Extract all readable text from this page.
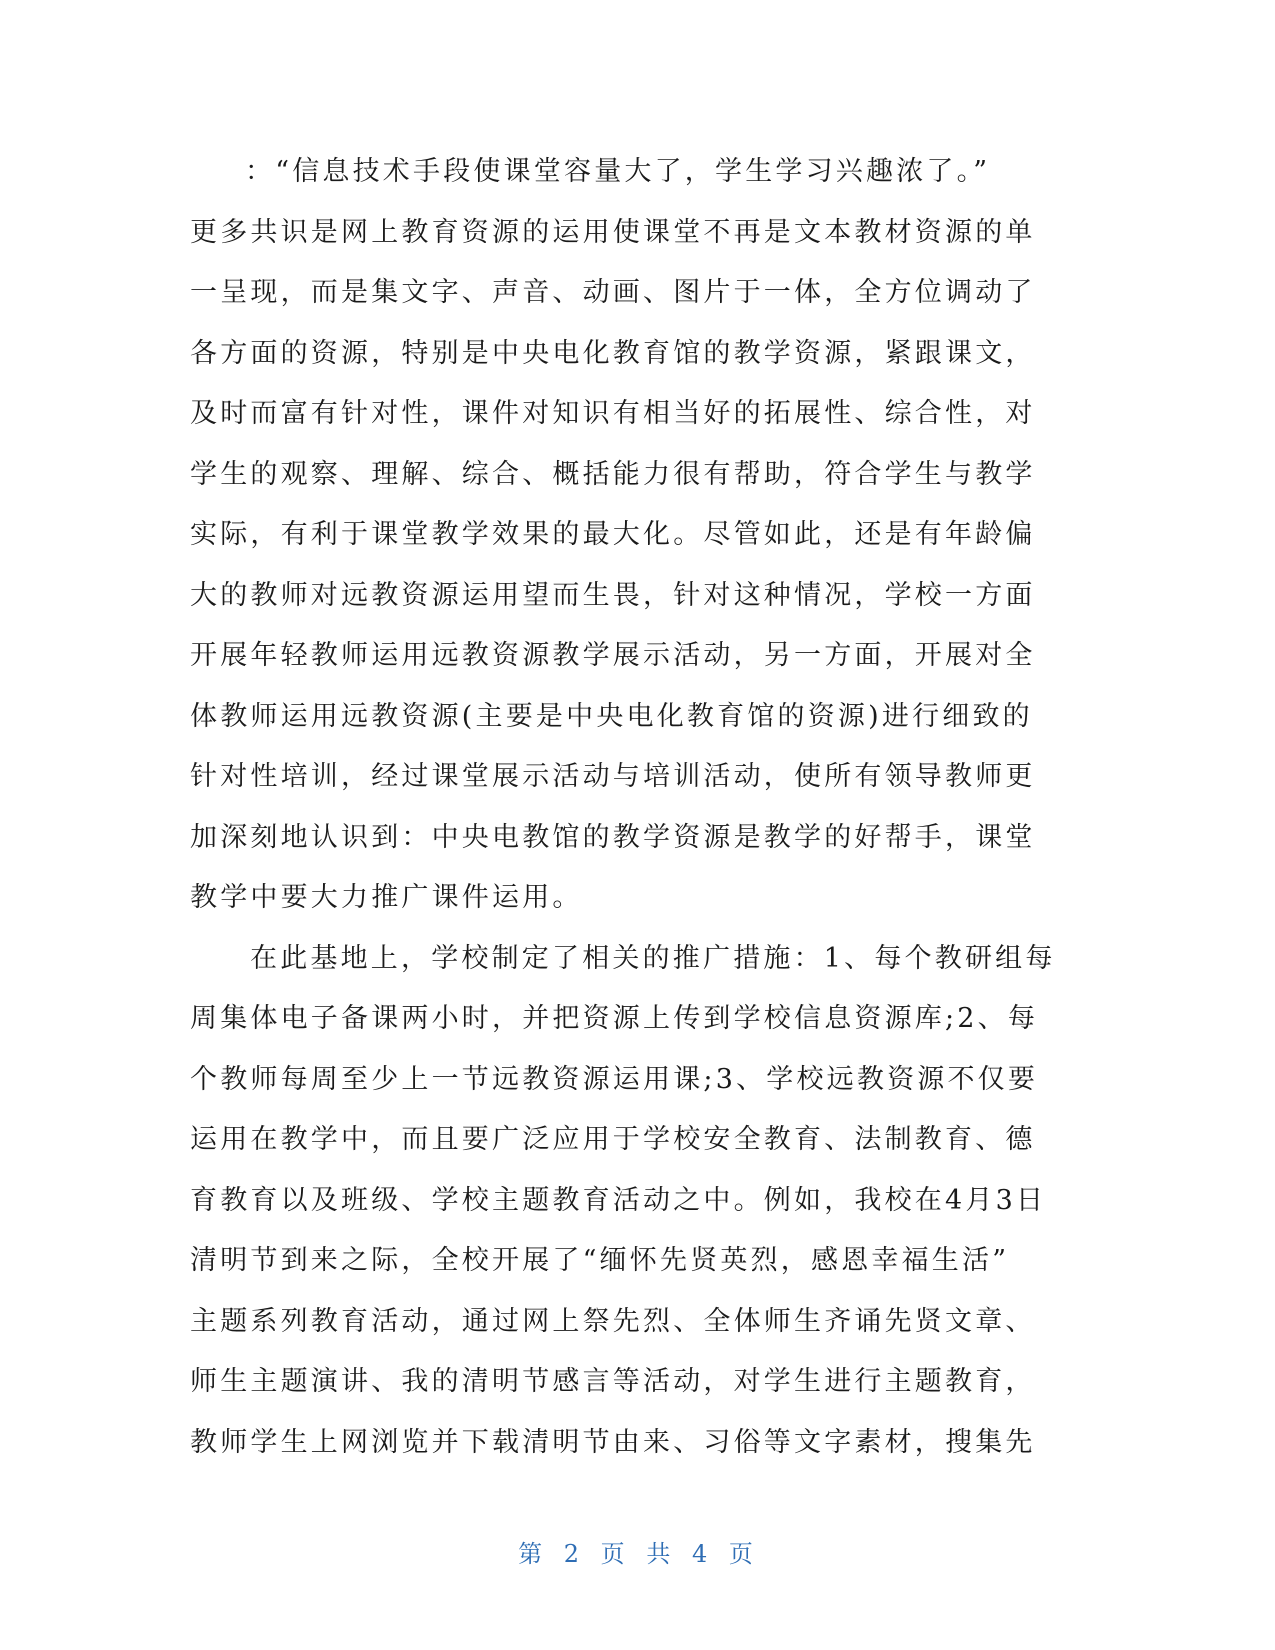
：“信息技术手段使课堂容量大了，学生学习兴趣浓了。”
更多共识是网上教育资源的运用使课堂不再是文本教材资源的单
一呈现，而是集文字、声音、动画、图片于一体，全方位调动了
各方面的资源，特别是中央电化教育馆的教学资源，紧跟课文，
及时而富有针对性，课件对知识有相当好的拓展性、综合性，对
学生的观察、理解、综合、概括能力很有帮助，符合学生与教学
实际，有利于课堂教学效果的最大化。尽管如此，还是有年龄偏
大的教师对远教资源运用望而生畏，针对这种情况，学校一方面
开展年轻教师运用远教资源教学展示活动，另一方面，开展对全
体教师运用远教资源(主要是中央电化教育馆的资源)进行细致的
针对性培训，经过课堂展示活动与培训活动，使所有领导教师更
加深刻地认识到：中央电教馆的教学资源是教学的好帮手，课堂
教学中要大力推广课件运用。
在此基地上，学校制定了相关的推广措施：1、每个教研组每
周集体电子备课两小时，并把资源上传到学校信息资源库;2、每
个教师每周至少上一节远教资源运用课;3、学校远教资源不仅要
运用在教学中，而且要广泛应用于学校安全教育、法制教育、德
育教育以及班级、学校主题教育活动之中。例如，我校在4月3日
清明节到来之际，全校开展了“缅怀先贤英烈，感恩幸福生活”
主题系列教育活动，通过网上祭先烈、全体师生齐诵先贤文章、
师生主题演讲、我的清明节感言等活动，对学生进行主题教育，
教师学生上网浏览并下载清明节由来、习俗等文字素材，搜集先
第 2 页 共 4 页
